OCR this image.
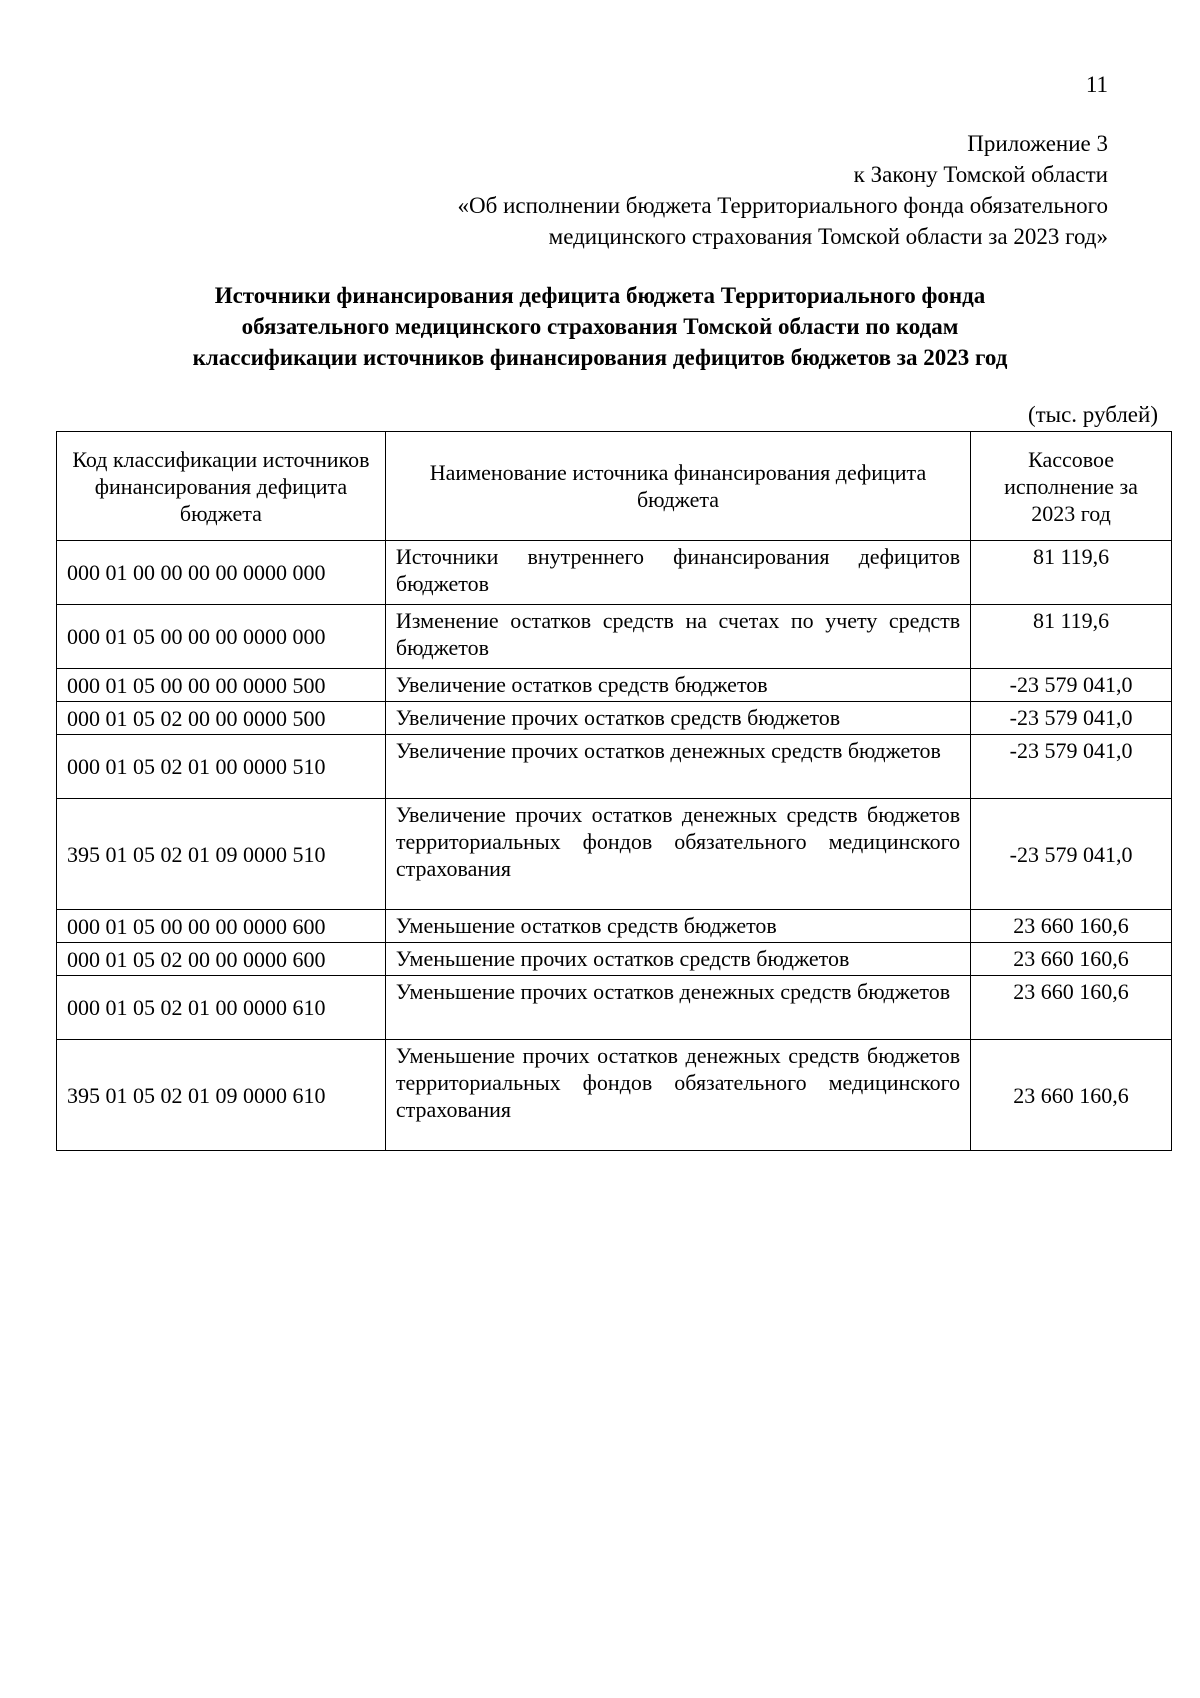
11
Приложение 3
к Закону Томской области
«Об исполнении бюджета Территориального фонда обязательного
медицинского страхования Томской области за 2023 год»
Источники финансирования дефицита бюджета Территориального фонда
обязательного медицинского страхования Томской области по кодам
классификации источников финансирования дефицитов бюджетов за 2023 год
(тыс. рублей)
Код классификации источников финансирования дефицита бюджета	Наименование источника финансирования дефицита бюджета	Кассовое исполнение за 2023 год
000 01 00 00 00 00 0000 000	Источники внутреннего финансирования дефицитов бюджетов	81 119,6
000 01 05 00 00 00 0000 000	Изменение остатков средств на счетах по учету средств бюджетов	81 119,6
000 01 05 00 00 00 0000 500	Увеличение остатков средств бюджетов	-23 579 041,0
000 01 05 02 00 00 0000 500	Увеличение прочих остатков средств бюджетов	-23 579 041,0
000 01 05 02 01 00 0000 510	Увеличение прочих остатков денежных средств бюджетов	-23 579 041,0
395 01 05 02 01 09 0000 510	Увеличение прочих остатков денежных средств бюджетов территориальных фондов обязательного медицинского страхования	-23 579 041,0
000 01 05 00 00 00 0000 600	Уменьшение остатков средств бюджетов	23 660 160,6
000 01 05 02 00 00 0000 600	Уменьшение прочих остатков средств бюджетов	23 660 160,6
000 01 05 02 01 00 0000 610	Уменьшение прочих остатков денежных средств бюджетов	23 660 160,6
395 01 05 02 01 09 0000 610	Уменьшение прочих остатков денежных средств бюджетов территориальных фондов обязательного медицинского страхования	23 660 160,6
